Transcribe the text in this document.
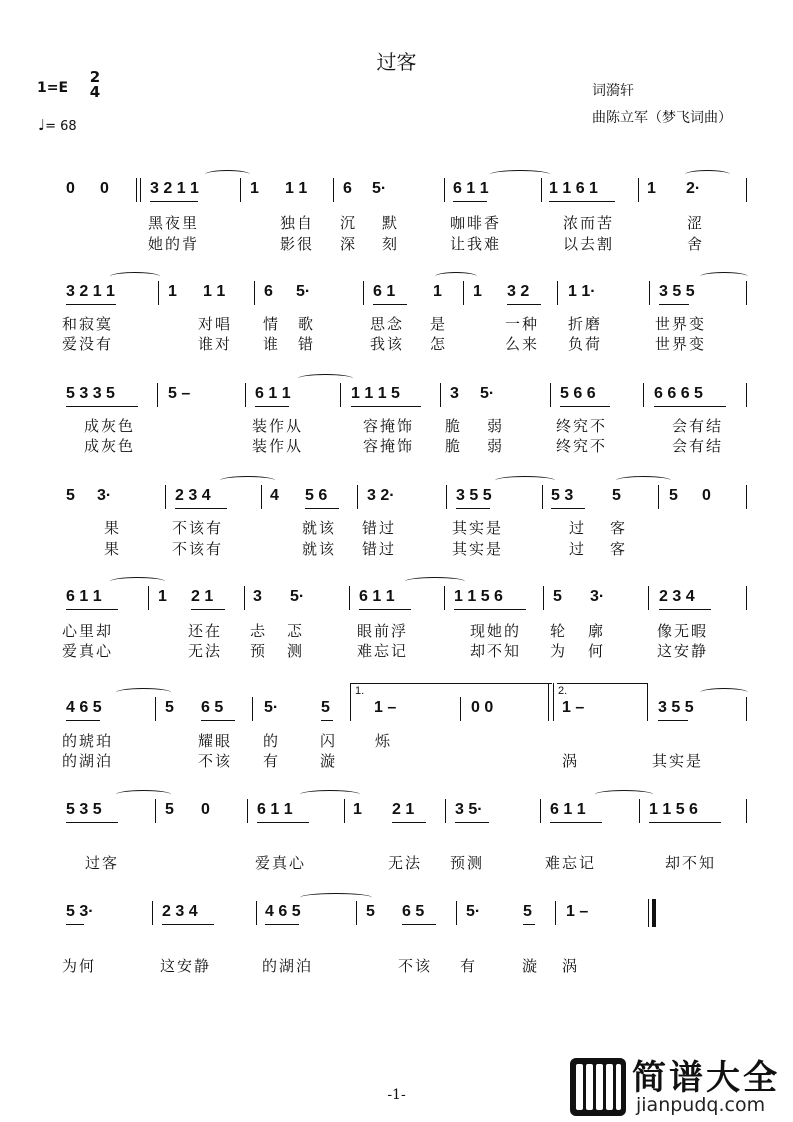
过客
1=E
2
4
♩= 68
词漪轩
曲陈立军（梦飞词曲）
0 0	3 2 1 1	1 1 1 6 5·	6 1 1	1 1 6 1	1 2·
黑夜里	独自 沉 默	咖啡香	浓而苦	涩
她的背	影很 深 刻	让我难	以去割	舍
3 2 1 1	1 1 1 6 5·	6 1 1 1 3 2 1 1·	3 5 5
和寂寞	对唱 情 歌	思念 是	一种 折磨	世界变
爱没有	谁对 谁 错	我该 怎	么来 负荷	世界变
5 3 3 5	5 –	6 1 1	1 1 1 5	3 5·	5 6 6	6 6 6 5
成灰色	装作从	容掩饰 脆 弱	终究不	会有结
成灰色	装作从	容掩饰 脆 弱	终究不	会有结
5 3·	2 3 4	4 5 6 3 2·	3 5 5	5 3 5	5 0
果	不该有	就该 错过	其实是	过 客
果	不该有	就该 错过	其实是	过 客
6 1 1	1 2 1 3 5·	6 1 1	1 1 5 6	5 3·	2 3 4
心里却	还在 忐 忑	眼前浮	现她的 轮 廓	像无暇
爱真心	无法 预 测	难忘记	却不知 为 何	这安静
4 6 5	5 6 5	5·	5
1.
1 –	0 0
2.
1 –	3 5 5
的琥珀	耀眼 的	闪	烁
的湖泊	不该 有	漩	涡	其实是
5 3 5	5 0	6 1 1	1 2 1	3 5·	6 1 1	1 1 5 6
过客	爱真心	无法 预测	难忘记	却不知
5 3·	2 3 4	4 6 5	5 6 5	5·	5 1 –
为何	这安静	的湖泊	不该 有	漩 涡
-1-	简谱大全
jianpudq.com
